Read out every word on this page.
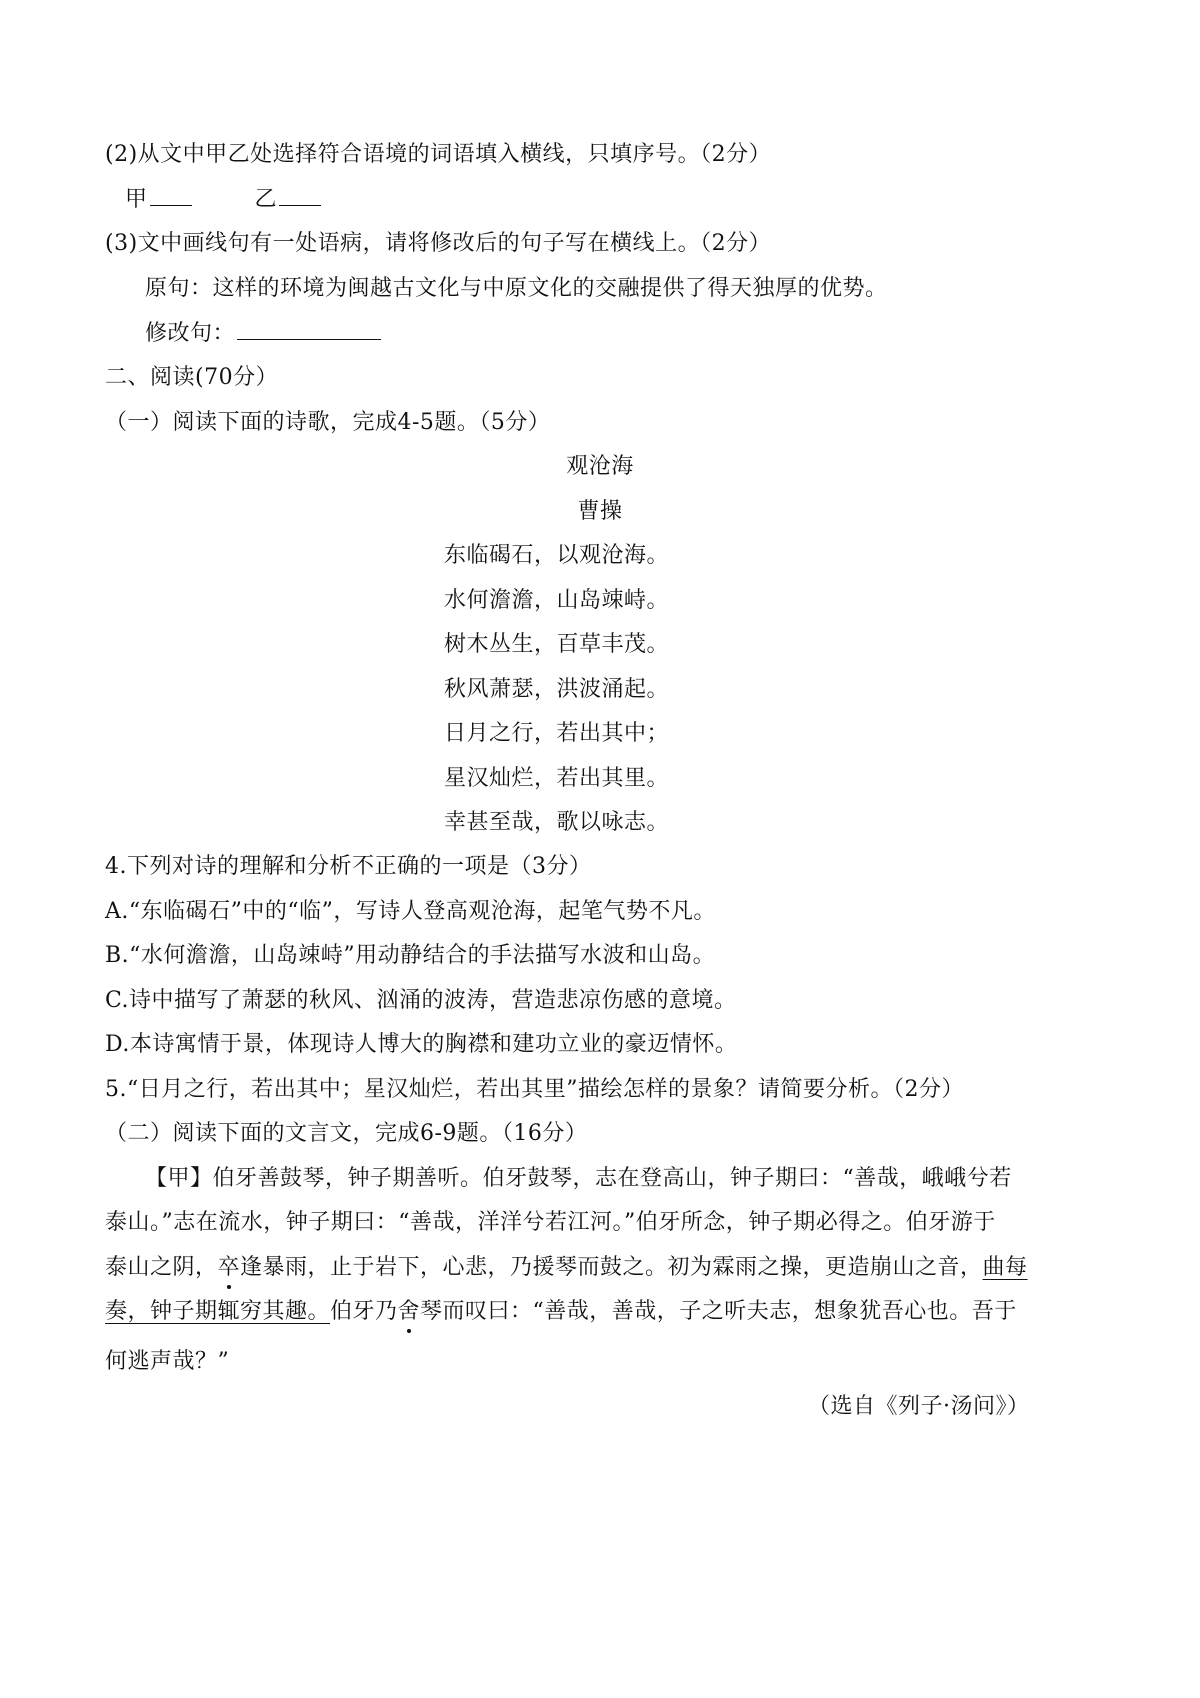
(2)从文中甲乙处选择符合语境的词语填入横线，只填序号。（2分）
甲	乙
(3)文中画线句有一处语病，请将修改后的句子写在横线上。（2分）
原句：这样的环境为闽越古文化与中原文化的交融提供了得天独厚的优势。
修改句：
二、阅读(70分）
（一）阅读下面的诗歌，完成4-5题。（5分）
观沧海
曹操
东临碣石，以观沧海。
水何澹澹，山岛竦峙。
树木丛生，百草丰茂。
秋风萧瑟，洪波涌起。
日月之行，若出其中；
星汉灿烂，若出其里。
幸甚至哉，歌以咏志。
4.下列对诗的理解和分析不正确的一项是（3分）
A.“东临碣石”中的“临”，写诗人登高观沧海，起笔气势不凡。
B.“水何澹澹，山岛竦峙”用动静结合的手法描写水波和山岛。
C.诗中描写了萧瑟的秋风、汹涌的波涛，营造悲凉伤感的意境。
D.本诗寓情于景，体现诗人博大的胸襟和建功立业的豪迈情怀。
5.“日月之行，若出其中；星汉灿烂，若出其里”描绘怎样的景象？请简要分析。（2分）
（二）阅读下面的文言文，完成6-9题。（16分）
【甲】伯牙善鼓琴，钟子期善听。伯牙鼓琴，志在登高山，钟子期曰：“善哉，峨峨兮若
泰山。”志在流水，钟子期曰：“善哉，洋洋兮若江河。”伯牙所念，钟子期必得之。伯牙游于
泰山之阴，卒逢暴雨，止于岩下，心悲，乃援琴而鼓之。初为霖雨之操，更造崩山之音，曲每
奏，钟子期辄穷其趣。伯牙乃舍琴而叹曰：“善哉，善哉，子之听夫志，想象犹吾心也。吾于
何逃声哉？”
（选自《列子·汤问》）
